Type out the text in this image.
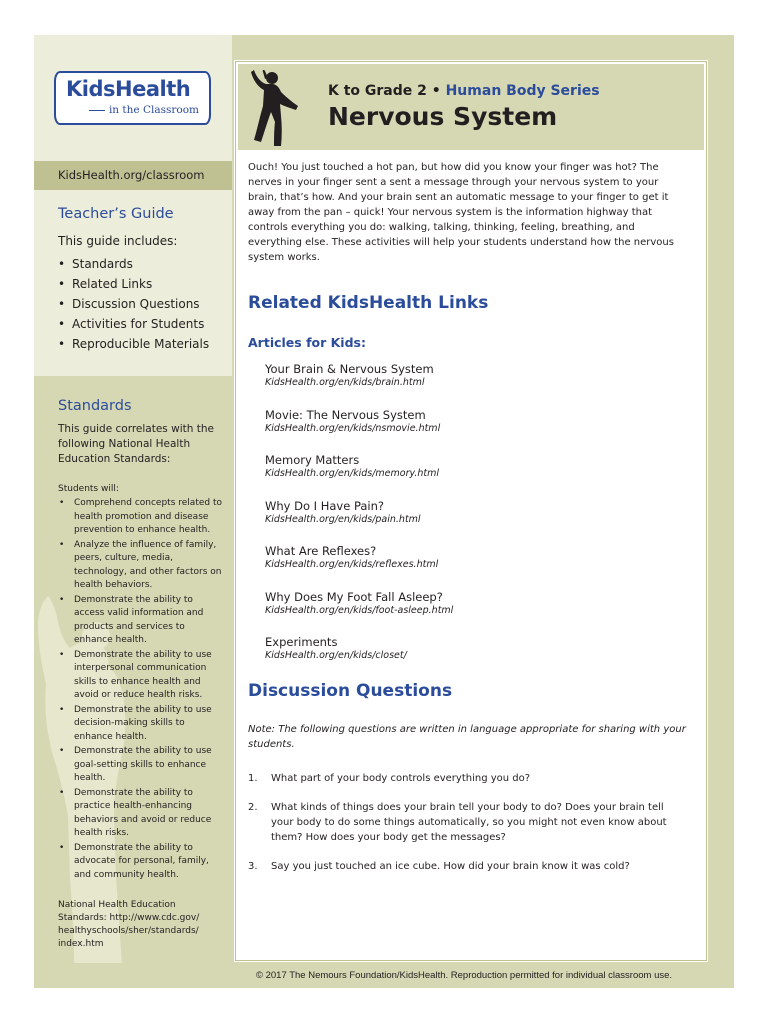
KidsHealth
in the Classroom
KidsHealth.org/classroom
Teacher’s Guide
This guide includes:
• Standards
• Related Links
• Discussion Questions
• Activities for Students
• Reproducible Materials
Standards
This guide correlates with the following National Health Education Standards:
Students will:
• Comprehend concepts related to health promotion and disease prevention to enhance health.
• Analyze the influence of family, peers, culture, media, technology, and other factors on health behaviors.
• Demonstrate the ability to access valid information and products and services to enhance health.
• Demonstrate the ability to use interpersonal communication skills to enhance health and avoid or reduce health risks.
• Demonstrate the ability to use decision-making skills to enhance health.
• Demonstrate the ability to use goal-setting skills to enhance health.
• Demonstrate the ability to practice health-enhancing behaviors and avoid or reduce health risks.
• Demonstrate the ability to advocate for personal, family, and community health.
National Health Education Standards: http://www.cdc.gov/ healthyschools/sher/standards/ index.htm
K to Grade 2 • Human Body Series
Nervous System

Ouch! You just touched a hot pan, but how did you know your finger was hot? The nerves in your finger sent a sent a message through your nervous system to your brain, that’s how. And your brain sent an automatic message to your finger to get it away from the pan – quick! Your nervous system is the information highway that controls everything you do: walking, talking, thinking, feeling, breathing, and everything else. These activities will help your students understand how the nervous system works.

Related KidsHealth Links
Articles for Kids:
Your Brain & Nervous System
KidsHealth.org/en/kids/brain.html
Movie: The Nervous System
KidsHealth.org/en/kids/nsmovie.html
Memory Matters
KidsHealth.org/en/kids/memory.html
Why Do I Have Pain?
KidsHealth.org/en/kids/pain.html
What Are Reflexes?
KidsHealth.org/en/kids/reflexes.html
Why Does My Foot Fall Asleep?
KidsHealth.org/en/kids/foot-asleep.html
Experiments
KidsHealth.org/en/kids/closet/
Discussion Questions

Note: The following questions are written in language appropriate for sharing with your students.

1. What part of your body controls everything you do?
2. What kinds of things does your brain tell your body to do? Does your brain tell your body to do some things automatically, so you might not even know about them? How does your body get the messages?
3. Say you just touched an ice cube. How did your brain know it was cold?
© 2017 The Nemours Foundation/KidsHealth. Reproduction permitted for individual classroom use.
